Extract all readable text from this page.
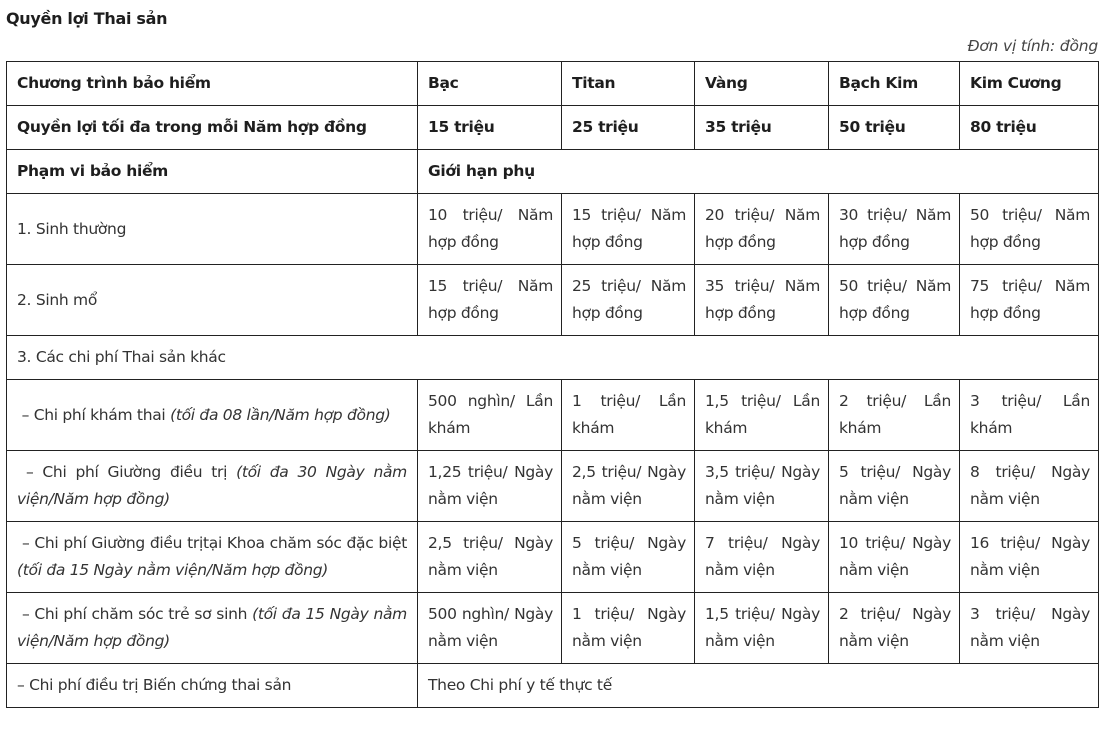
Quyền lợi Thai sản
Đơn vị tính: đồng
Chương trình bảo hiểm	Bạc	Titan	Vàng	Bạch Kim	Kim Cương
Quyền lợi tối đa trong mỗi Năm hợp đồng	15 triệu	25 triệu	35 triệu	50 triệu	80 triệu
Phạm vi bảo hiểm	Giới hạn phụ				
1. Sinh thường	10 triệu/ Năm hợp đồng	15 triệu/ Năm hợp đồng	20 triệu/ Năm hợp đồng	30 triệu/ Năm hợp đồng	50 triệu/ Năm hợp đồng
2. Sinh mổ	15 triệu/ Năm hợp đồng	25 triệu/ Năm hợp đồng	35 triệu/ Năm hợp đồng	50 triệu/ Năm hợp đồng	75 triệu/ Năm hợp đồng
3. Các chi phí Thai sản khác					
– Chi phí khám thai (tối đa 08 lần/Năm hợp đồng)	500 nghìn/ Lần khám	1 triệu/ Lần khám	1,5 triệu/ Lần khám	2 triệu/ Lần khám	3 triệu/ Lần khám
– Chi phí Giường điều trị (tối đa 30 Ngày nằm viện/Năm hợp đồng)	1,25 triệu/ Ngày nằm viện	2,5 triệu/ Ngày nằm viện	3,5 triệu/ Ngày nằm viện	5 triệu/ Ngày nằm viện	8 triệu/ Ngày nằm viện
– Chi phí Giường điều trịtại Khoa chăm sóc đặc biệt (tối đa 15 Ngày nằm viện/Năm hợp đồng)	2,5 triệu/ Ngày nằm viện	5 triệu/ Ngày nằm viện	7 triệu/ Ngày nằm viện	10 triệu/ Ngày nằm viện	16 triệu/ Ngày nằm viện
– Chi phí chăm sóc trẻ sơ sinh (tối đa 15 Ngày nằm viện/Năm hợp đồng)	500 nghìn/ Ngày nằm viện	1 triệu/ Ngày nằm viện	1,5 triệu/ Ngày nằm viện	2 triệu/ Ngày nằm viện	3 triệu/ Ngày nằm viện
– Chi phí điều trị Biến chứng thai sản	Theo Chi phí y tế thực tế				
